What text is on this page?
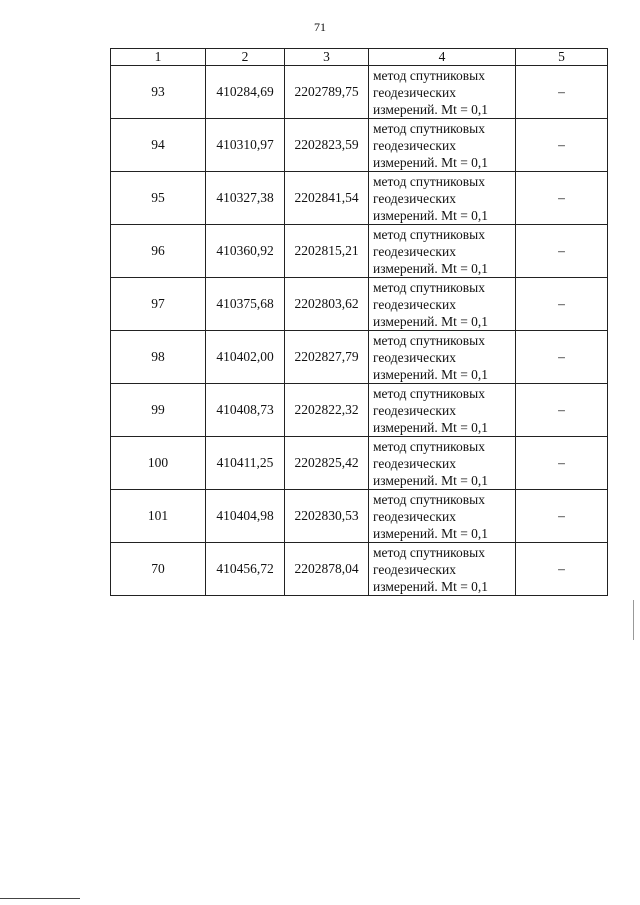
71
1	2	3	4	5
93	410284,69	2202789,75	метод спутниковых
геодезических
измерений. Mt = 0,1	–
94	410310,97	2202823,59	метод спутниковых
геодезических
измерений. Mt = 0,1	–
95	410327,38	2202841,54	метод спутниковых
геодезических
измерений. Mt = 0,1	–
96	410360,92	2202815,21	метод спутниковых
геодезических
измерений. Mt = 0,1	–
97	410375,68	2202803,62	метод спутниковых
геодезических
измерений. Mt = 0,1	–
98	410402,00	2202827,79	метод спутниковых
геодезических
измерений. Mt = 0,1	–
99	410408,73	2202822,32	метод спутниковых
геодезических
измерений. Mt = 0,1	–
100	410411,25	2202825,42	метод спутниковых
геодезических
измерений. Mt = 0,1	–
101	410404,98	2202830,53	метод спутниковых
геодезических
измерений. Mt = 0,1	–
70	410456,72	2202878,04	метод спутниковых
геодезических
измерений. Mt = 0,1	–
